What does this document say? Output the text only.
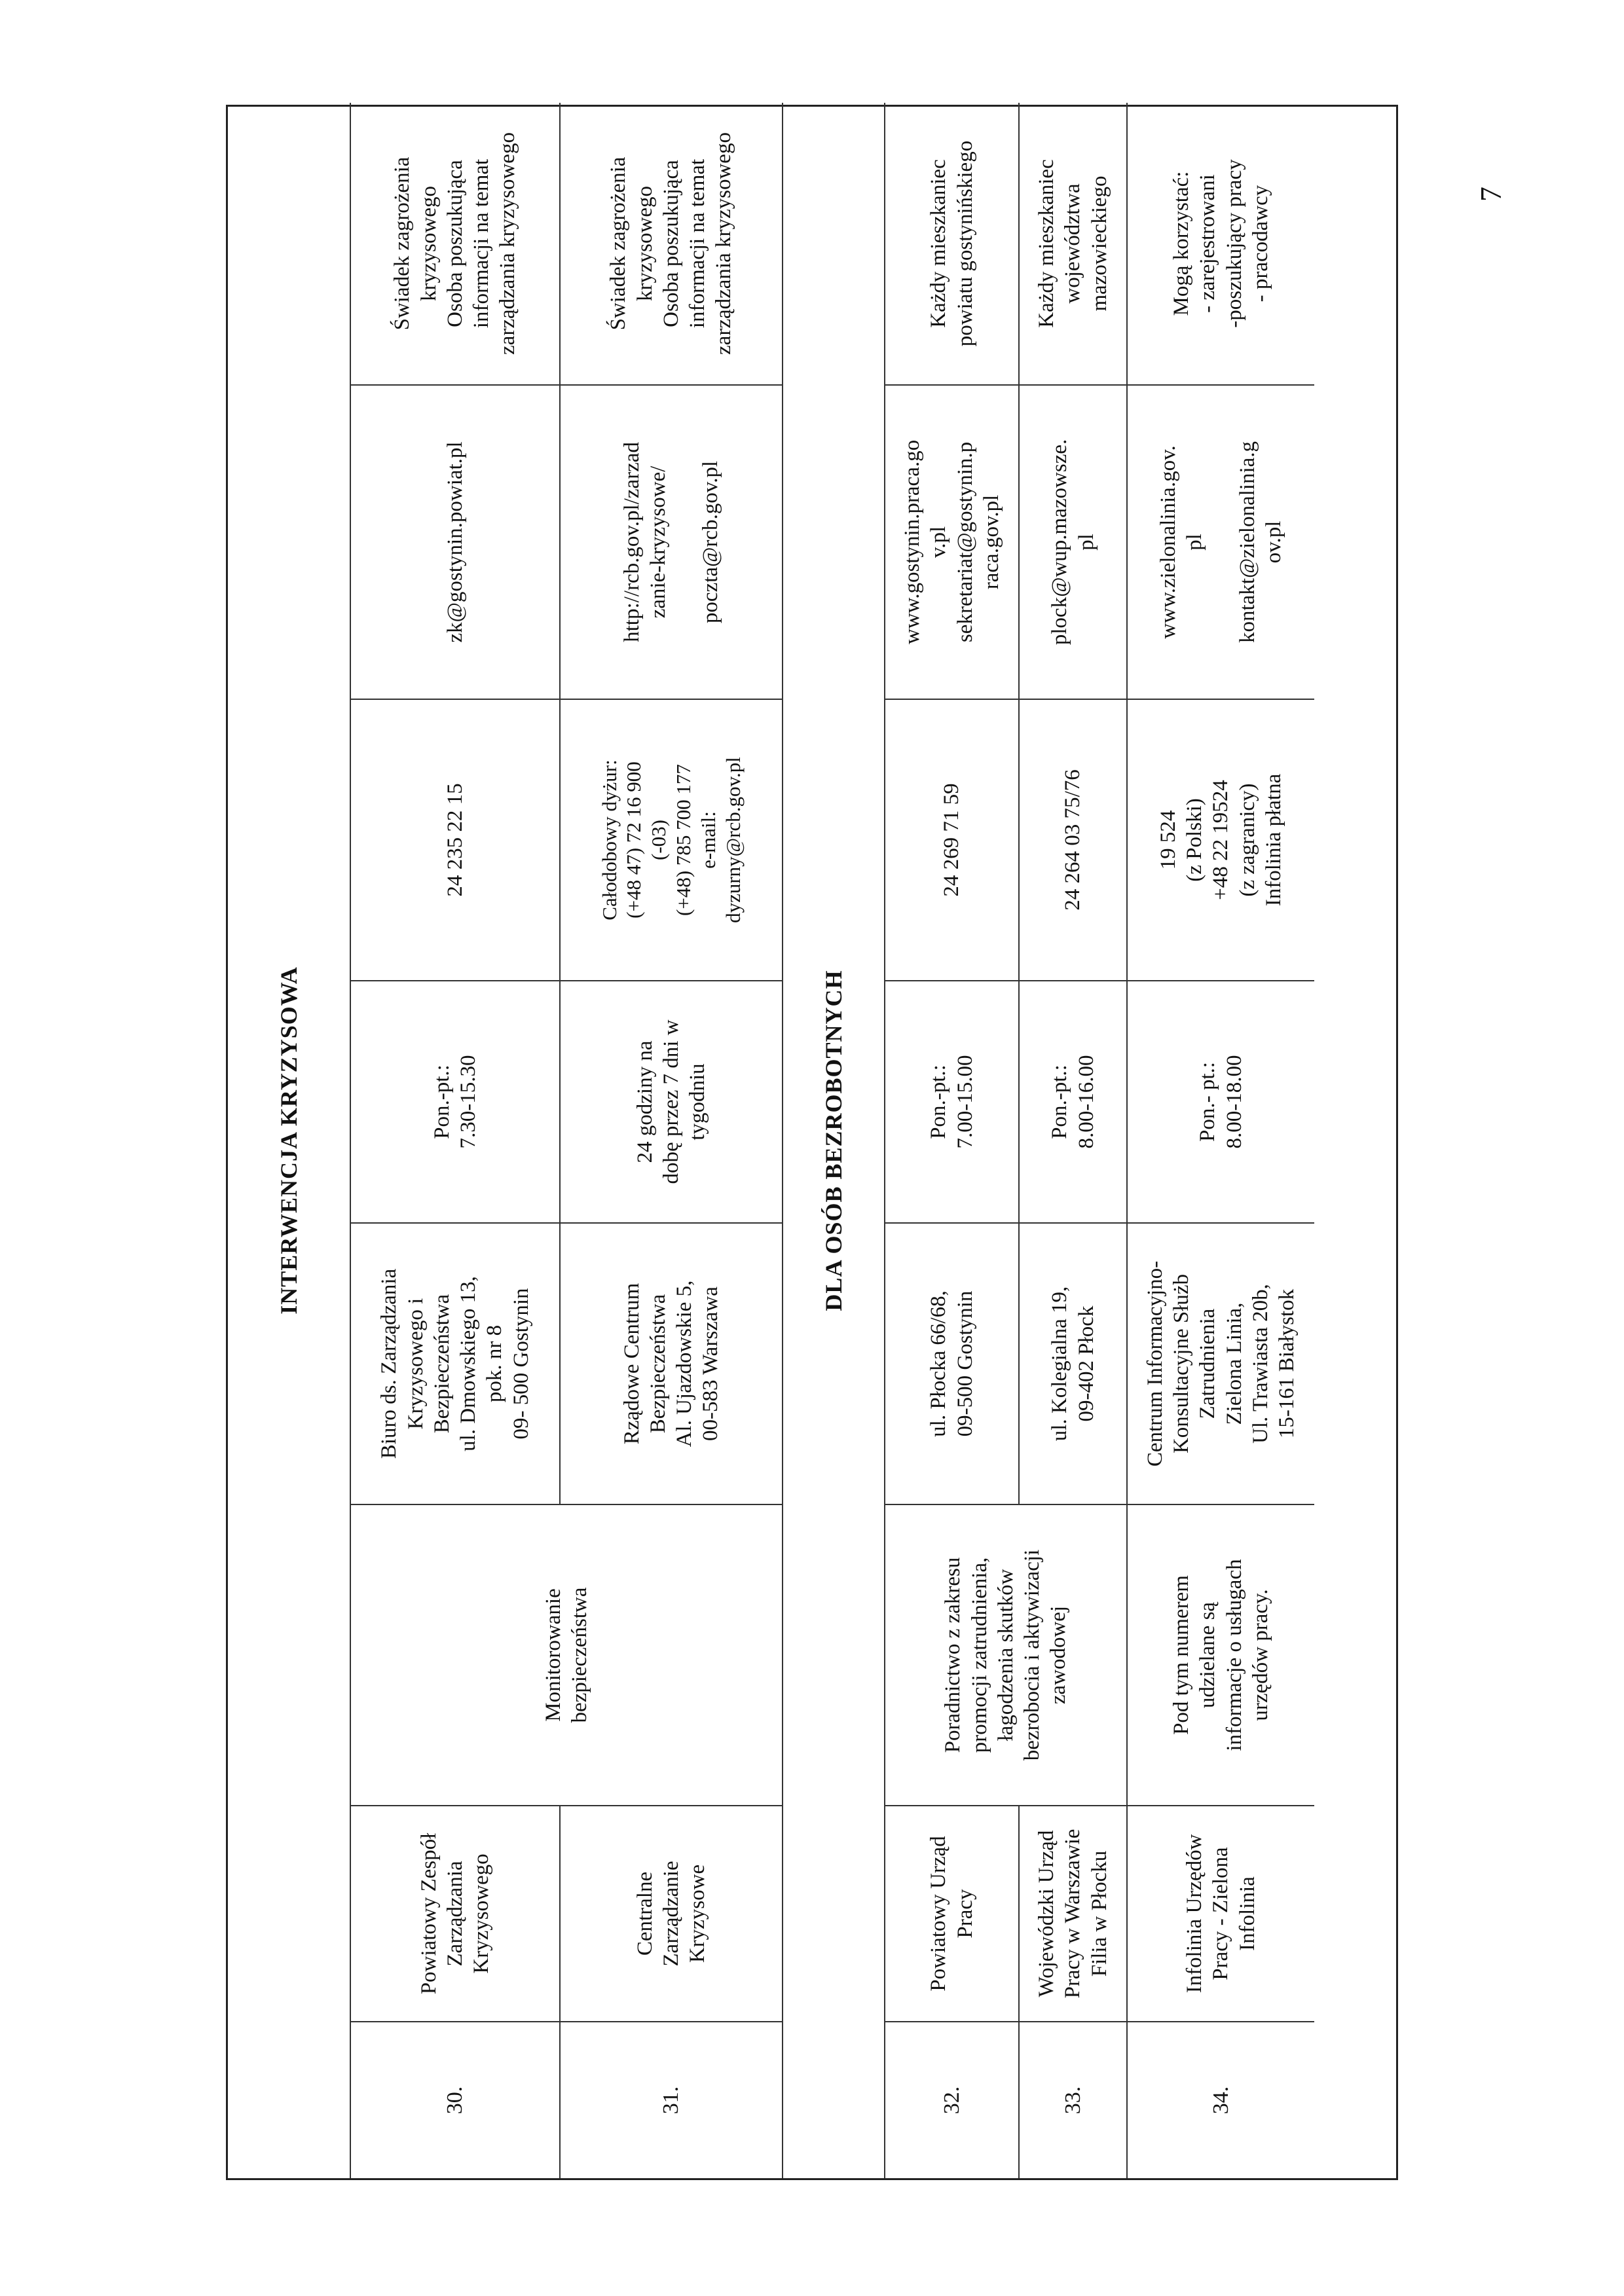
INTERWENCJA KRYZYSOWA
30.
Powiatowy Zespół
Zarządzania
Kryzysowego
Monitorowanie
bezpieczeństwa
Biuro ds. Zarządzania
Kryzysowego i
Bezpieczeństwa
ul. Dmowskiego 13,
pok. nr 8
09- 500 Gostynin
Pon.-pt.:
7.30-15.30
24 235 22 15
zk@gostynin.powiat.pl
Świadek zagrożenia
kryzysowego
Osoba poszukująca
informacji na temat
zarządzania kryzysowego
31.
Centralne
Zarządzanie
Kryzysowe
Rządowe Centrum
Bezpieczeństwa
Al. Ujazdowskie 5,
00-583 Warszawa
24 godziny na
dobę przez 7 dni w
tygodniu
Całodobowy dyżur:
(+48 47) 72 16 900
(-03)
(+48) 785 700 177
e-mail:
dyzurny@rcb.gov.pl
http://rcb.gov.pl/zarzad
zanie-kryzysowe/

poczta@rcb.gov.pl
Świadek zagrożenia
kryzysowego
Osoba poszukująca
informacji na temat
zarządzania kryzysowego
DLA OSÓB BEZROBOTNYCH
32.
Powiatowy Urząd
Pracy
Poradnictwo z zakresu
promocji zatrudnienia,
łagodzenia skutków
bezrobocia i aktywizacji
zawodowej
ul. Płocka 66/68,
09-500 Gostynin
Pon.-pt.:
7.00-15.00
24 269 71 59
www.gostynin.praca.go
v.pl
sekretariat@gostynin.p
raca.gov.pl
Każdy mieszkaniec
powiatu gostynińskiego
33.
Wojewódzki Urząd
Pracy w Warszawie
Filia w Płocku
ul. Kolegialna 19,
09-402 Płock
Pon.-pt.:
8.00-16.00
24 264 03 75/76
plock@wup.mazowsze.
pl
Każdy mieszkaniec
województwa
mazowieckiego
34.
Infolinia Urzędów
Pracy - Zielona
Infolinia
Pod tym numerem
udzielane są
informacje o usługach
urzędów pracy.
Centrum Informacyjno-
Konsultacyjne Służb
Zatrudnienia
Zielona Linia,
Ul. Trawiasta 20b,
15-161 Białystok
Pon.- pt.:
8.00-18.00
19 524
(z Polski)
+48 22 19524
(z zagranicy)
Infolinia płatna
www.zielonalinia.gov.
pl

kontakt@zielonalinia.g
ov.pl
Mogą korzystać:
- zarejestrowani
-poszukujący pracy
- pracodawcy	7
